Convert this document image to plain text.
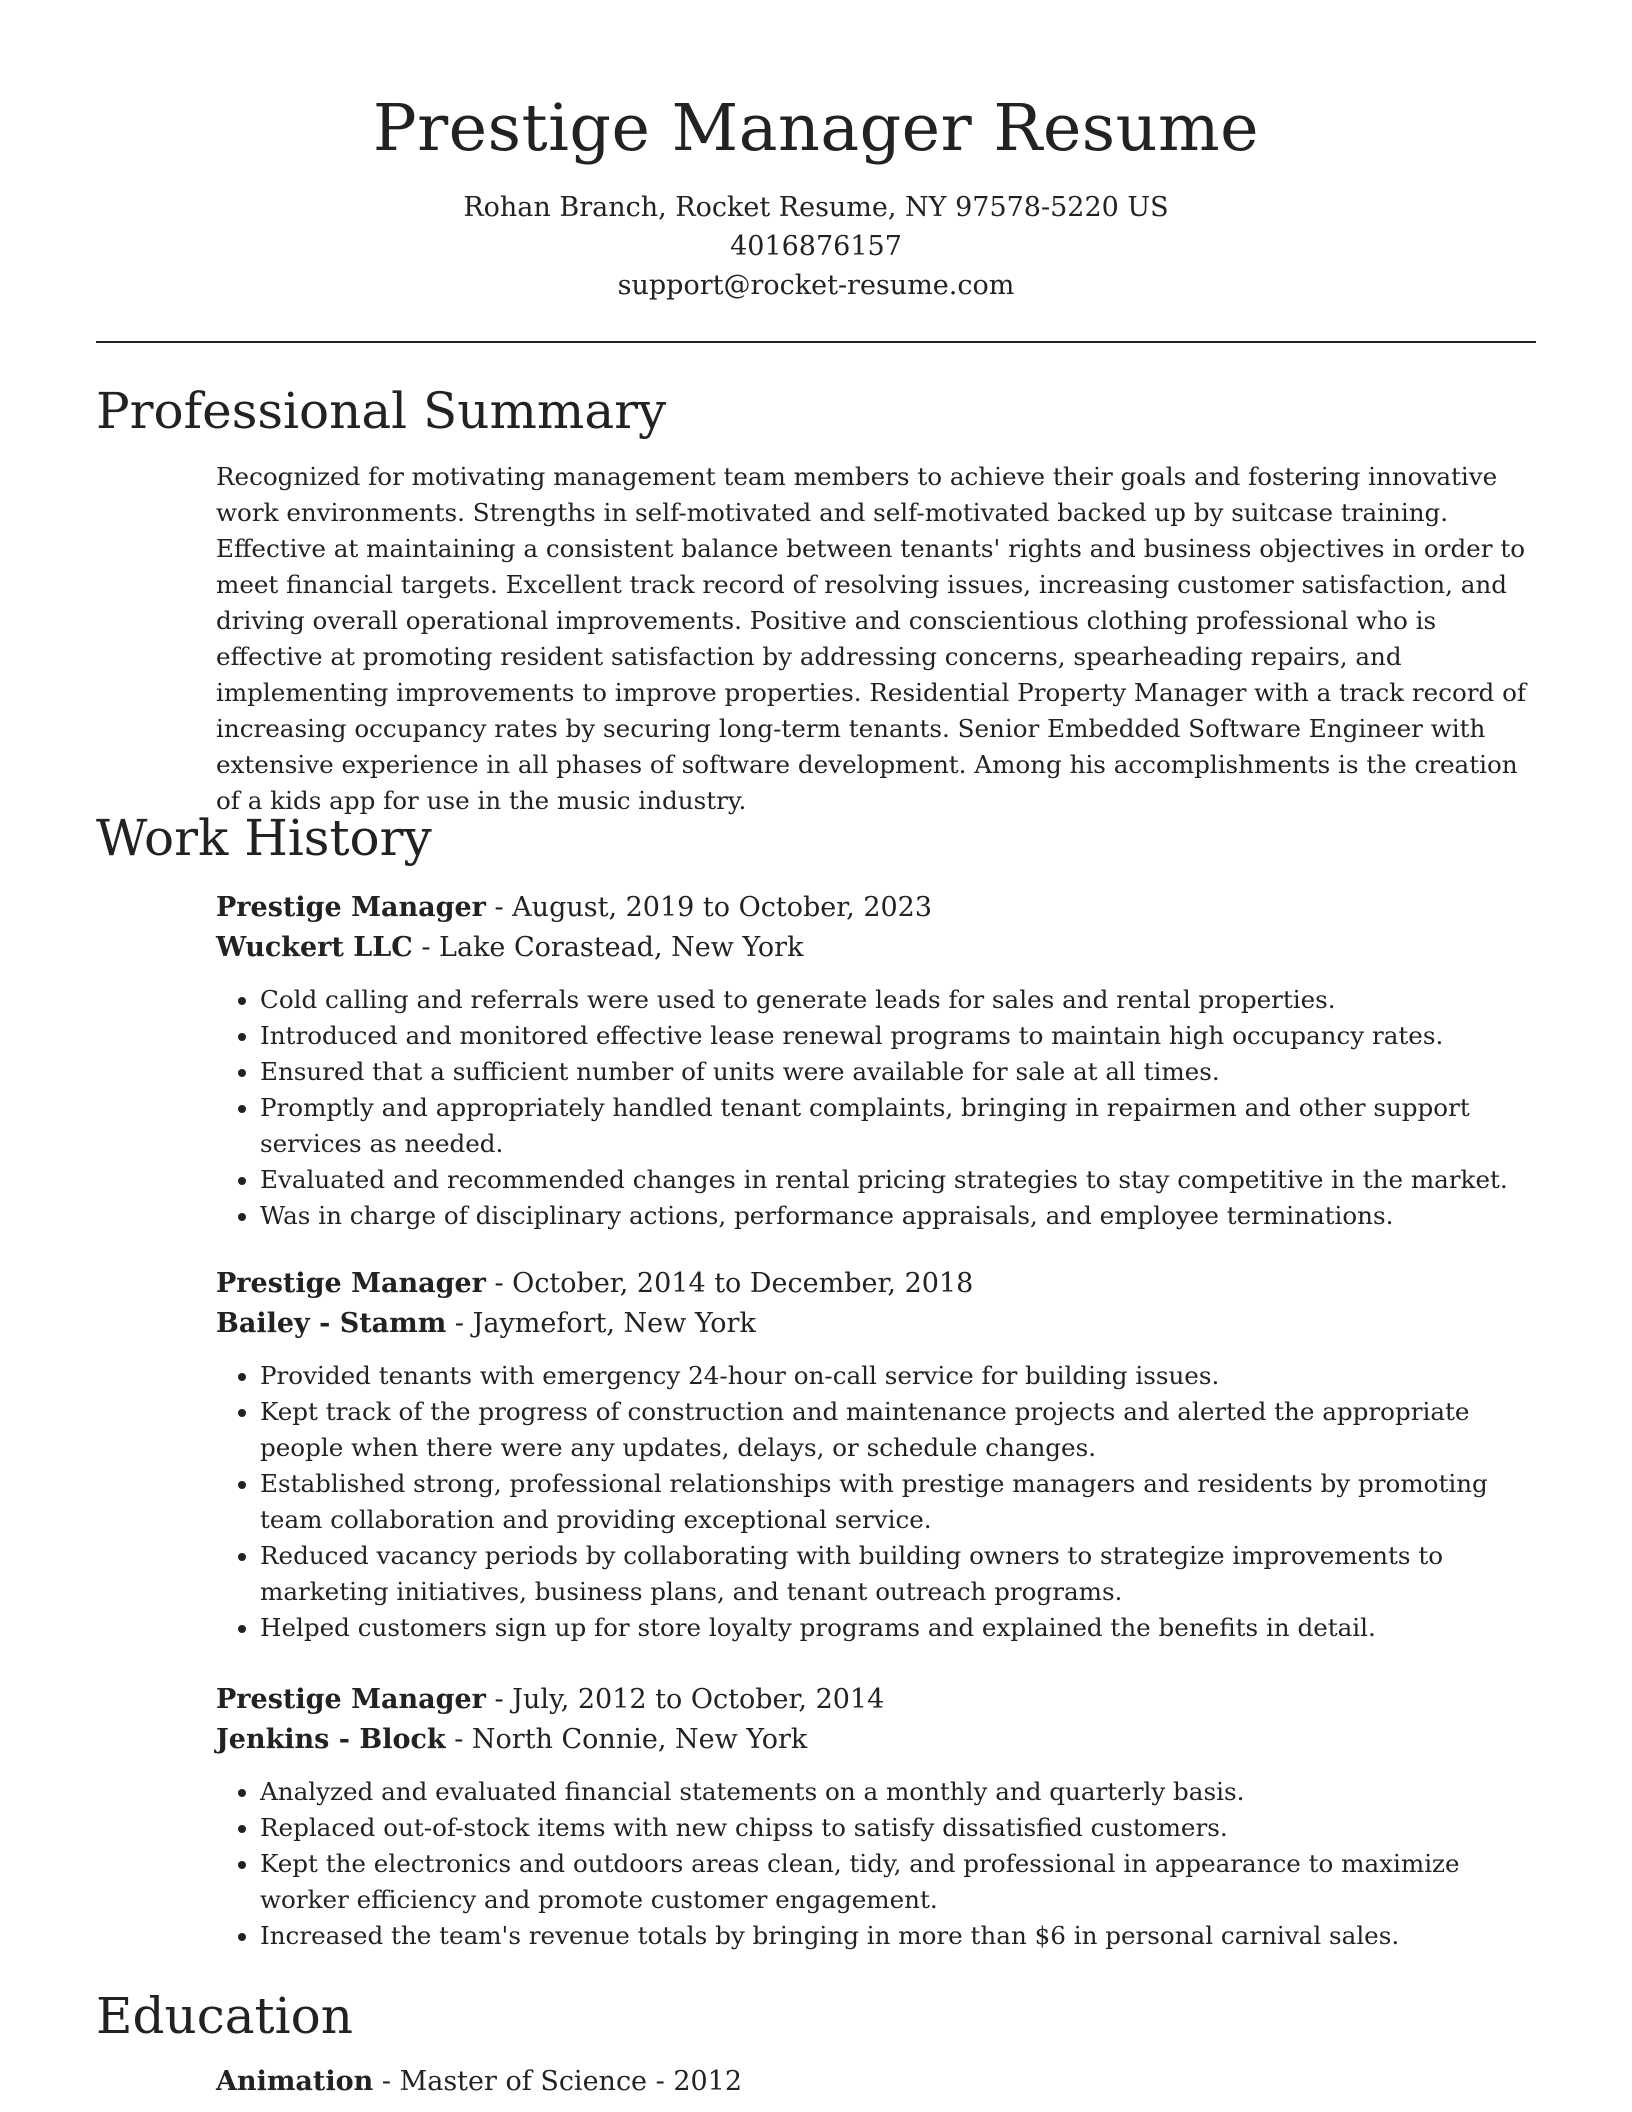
Prestige Manager Resume
Rohan Branch, Rocket Resume, NY 97578-5220 US
4016876157
support@rocket-resume.com
Professional Summary
Recognized for motivating management team members to achieve their goals and fostering innovative work environments. Strengths in self-motivated and self-motivated backed up by suitcase training. Effective at maintaining a consistent balance between tenants' rights and business objectives in order to meet financial targets. Excellent track record of resolving issues, increasing customer satisfaction, and driving overall operational improvements. Positive and conscientious clothing professional who is effective at promoting resident satisfaction by addressing concerns, spearheading repairs, and implementing improvements to improve properties. Residential Property Manager with a track record of increasing occupancy rates by securing long-term tenants. Senior Embedded Software Engineer with extensive experience in all phases of software development. Among his accomplishments is the creation of a kids app for use in the music industry.
Work History
Prestige Manager - August, 2019 to October, 2023
Wuckert LLC - Lake Corastead, New York
• Cold calling and referrals were used to generate leads for sales and rental properties.
• Introduced and monitored effective lease renewal programs to maintain high occupancy rates.
• Ensured that a sufficient number of units were available for sale at all times.
• Promptly and appropriately handled tenant complaints, bringing in repairmen and other support services as needed.
• Evaluated and recommended changes in rental pricing strategies to stay competitive in the market.
• Was in charge of disciplinary actions, performance appraisals, and employee terminations.
Prestige Manager - October, 2014 to December, 2018
Bailey - Stamm - Jaymefort, New York
• Provided tenants with emergency 24-hour on-call service for building issues.
• Kept track of the progress of construction and maintenance projects and alerted the appropriate people when there were any updates, delays, or schedule changes.
• Established strong, professional relationships with prestige managers and residents by promoting team collaboration and providing exceptional service.
• Reduced vacancy periods by collaborating with building owners to strategize improvements to marketing initiatives, business plans, and tenant outreach programs.
• Helped customers sign up for store loyalty programs and explained the benefits in detail.
Prestige Manager - July, 2012 to October, 2014
Jenkins - Block - North Connie, New York
• Analyzed and evaluated financial statements on a monthly and quarterly basis.
• Replaced out-of-stock items with new chipss to satisfy dissatisfied customers.
• Kept the electronics and outdoors areas clean, tidy, and professional in appearance to maximize worker efficiency and promote customer engagement.
• Increased the team's revenue totals by bringing in more than $6 in personal carnival sales.
Education
Animation - Master of Science - 2012
